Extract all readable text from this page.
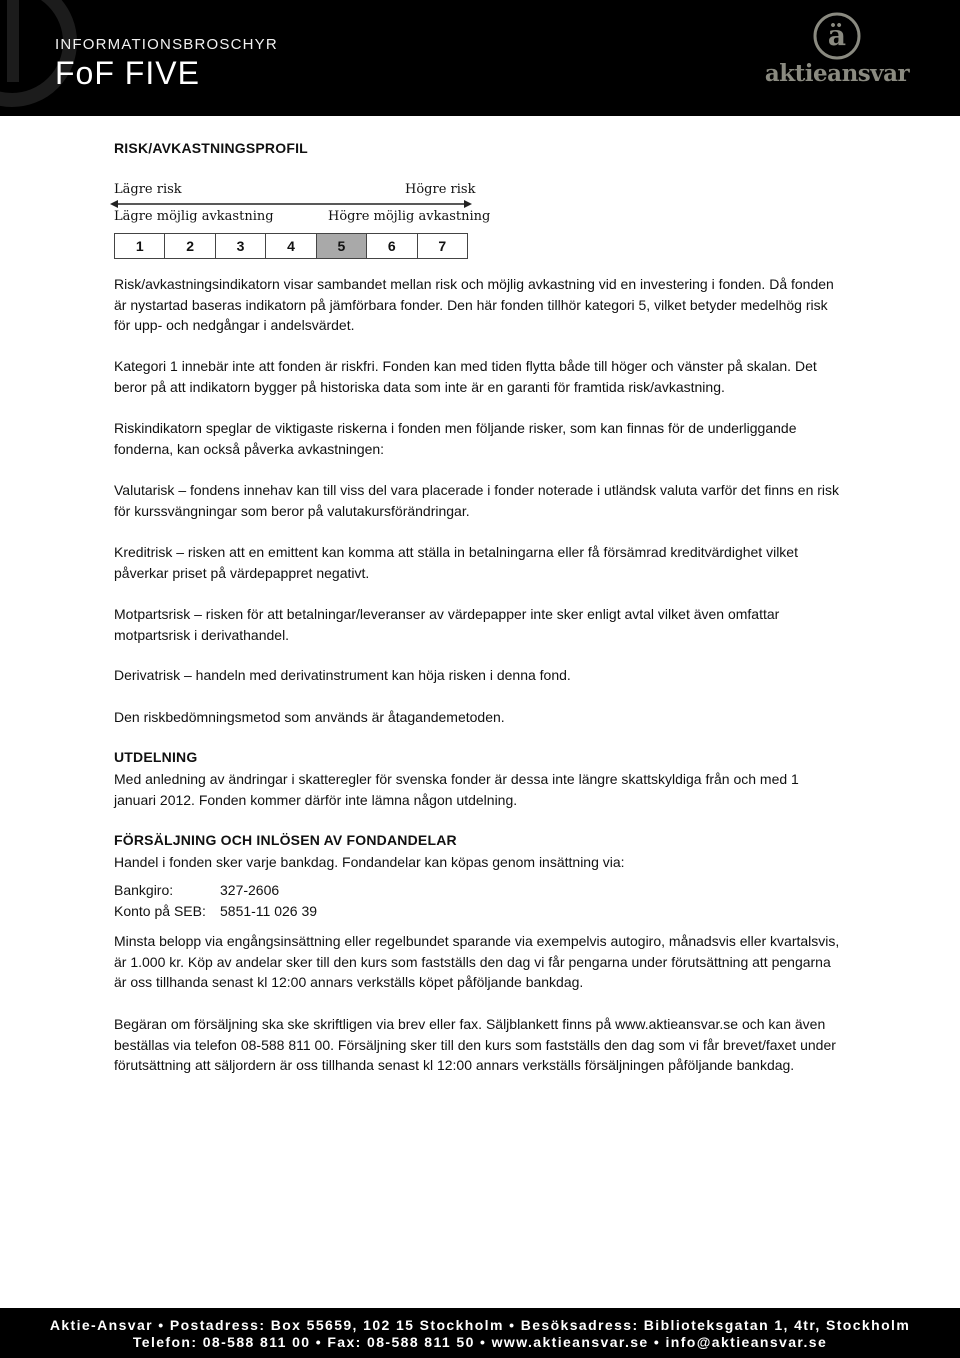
INFORMATIONSBROSCHYR
FoF FIVE
ä
aktieansvar
RISK/AVKASTNINGSPROFIL
Lägre risk	Högre risk
Lägre möjlig avkastning	Högre möjlig avkastning
1	2	3	4	5	6	7

Risk/avkastningsindikatorn visar sambandet mellan risk och möjlig avkastning vid en investering i fonden. Då fonden är nystartad baseras indikatorn på jämförbara fonder. Den här fonden tillhör kategori 5, vilket betyder medelhög risk för upp- och nedgångar i andelsvärdet.

Kategori 1 innebär inte att fonden är riskfri. Fonden kan med tiden flytta både till höger och vänster på skalan. Det beror på att indikatorn bygger på historiska data som inte är en garanti för framtida risk/avkastning.

Riskindikatorn speglar de viktigaste riskerna i fonden men följande risker, som kan finnas för de underliggande fonderna, kan också påverka avkastningen:

Valutarisk – fondens innehav kan till viss del vara placerade i fonder noterade i utländsk valuta varför det finns en risk för kurssvängningar som beror på valutakursförändringar.

Kreditrisk – risken att en emittent kan komma att ställa in betalningarna eller få försämrad kreditvärdighet vilket påverkar priset på värdepappret negativt.

Motpartsrisk – risken för att betalningar/leveranser av värdepapper inte sker enligt avtal vilket även omfattar motpartsrisk i derivathandel.

Derivatrisk – handeln med derivatinstrument kan höja risken i denna fond.

Den riskbedömningsmetod som används är åtagandemetoden.

UTDELNING

Med anledning av ändringar i skatteregler för svenska fonder är dessa inte längre skattskyldiga från och med 1 januari 2012. Fonden kommer därför inte lämna någon utdelning.

FÖRSÄLJNING OCH INLÖSEN AV FONDANDELAR

Handel i fonden sker varje bankdag. Fondandelar kan köpas genom insättning via:

Bankgiro:	327-2606
Konto på SEB: 5851-11 026 39

Minsta belopp via engångsinsättning eller regelbundet sparande via exempelvis autogiro, månadsvis eller kvartalsvis, är 1.000 kr. Köp av andelar sker till den kurs som fastställs den dag vi får pengarna under förutsättning att pengarna är oss tillhanda senast kl 12:00 annars verkställs köpet påföljande bankdag.

Begäran om försäljning ska ske skriftligen via brev eller fax. Säljblankett finns på www.aktieansvar.se och kan även beställas via telefon 08-588 811 00. Försäljning sker till den kurs som fastställs den dag som vi får brevet/faxet under förutsättning att säljordern är oss tillhanda senast kl 12:00 annars verkställs försäljningen påföljande bankdag.

Aktie-Ansvar • Postadress: Box 55659, 102 15 Stockholm • Besöksadress: Biblioteksgatan 1, 4tr, Stockholm
Telefon: 08-588 811 00 • Fax: 08-588 811 50 • www.aktieansvar.se • info@aktieansvar.se
